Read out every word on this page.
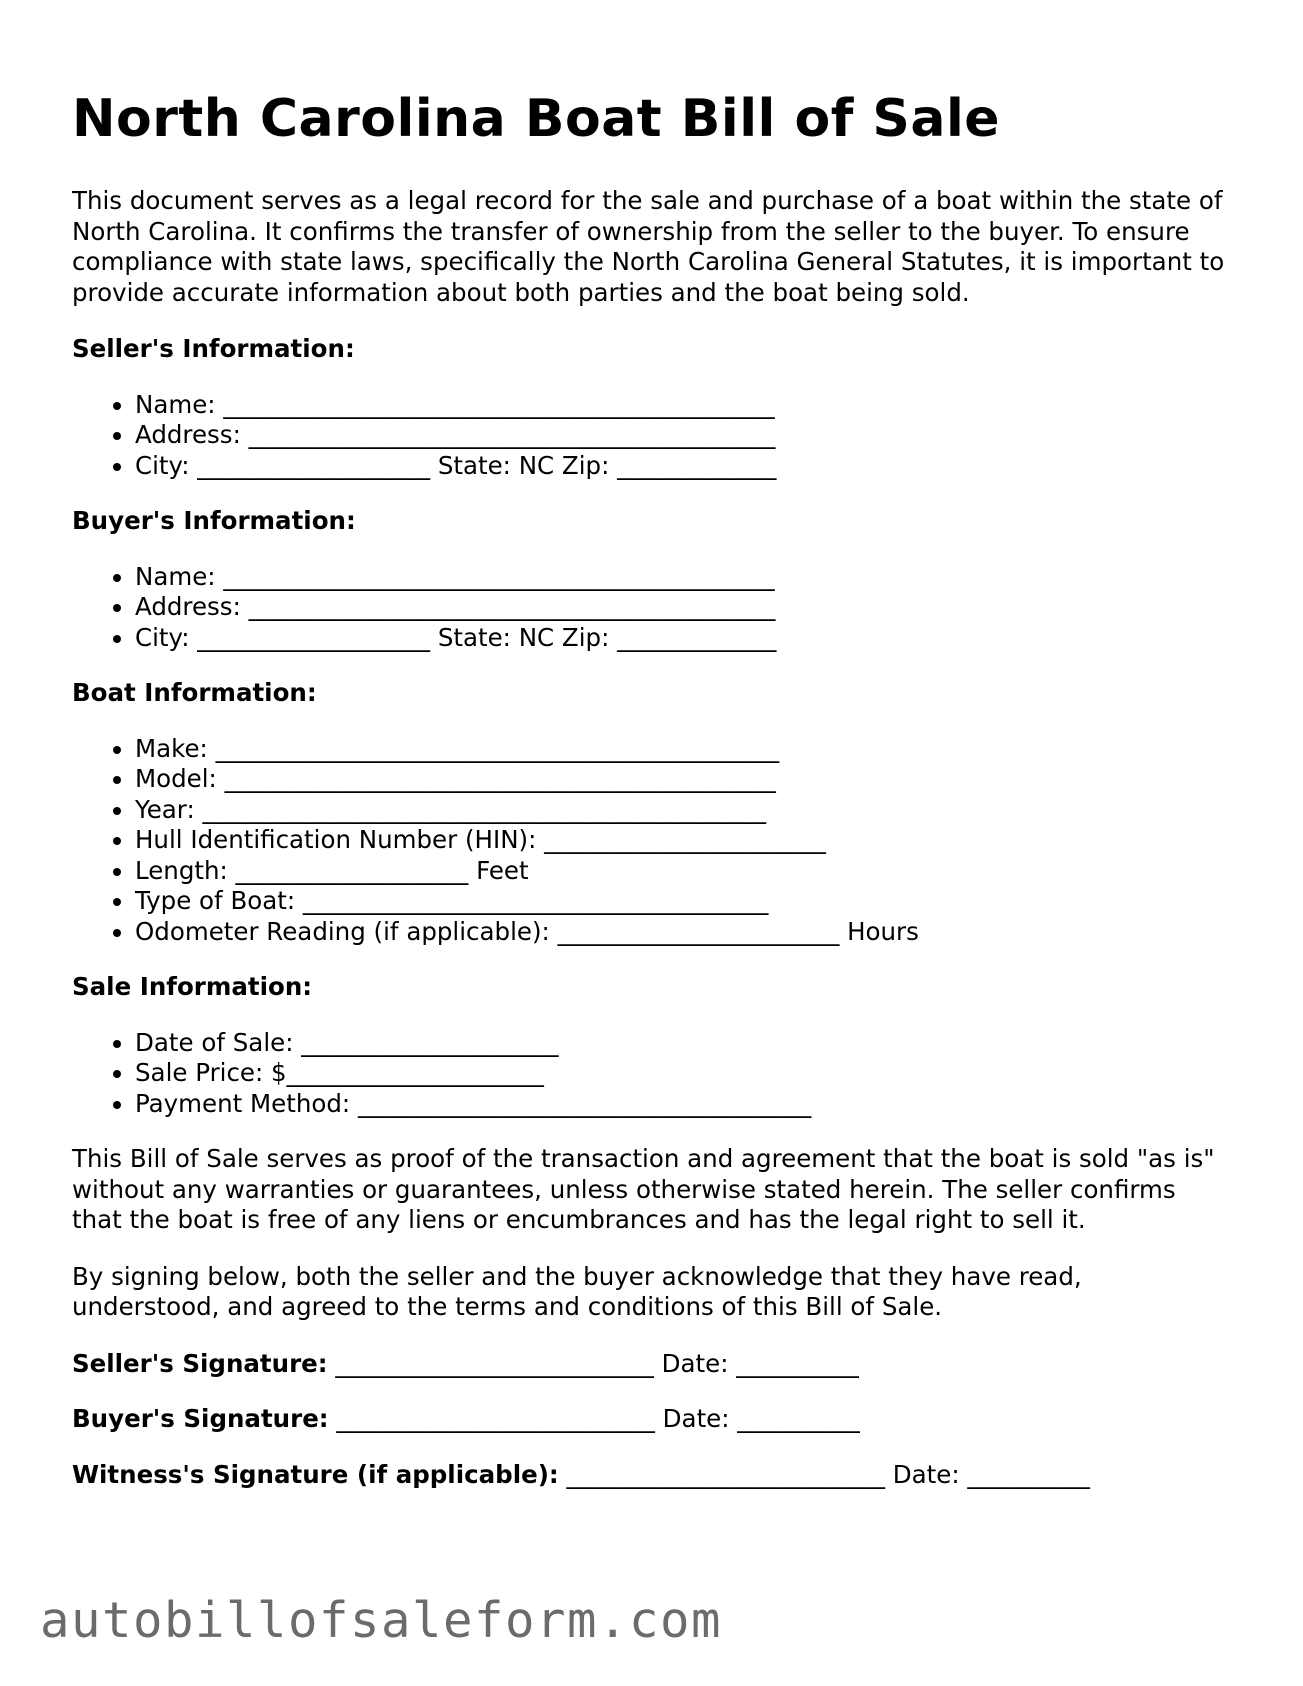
North Carolina Boat Bill of Sale

This document serves as a legal record for the sale and purchase of a boat within the state of North Carolina. It confirms the transfer of ownership from the seller to the buyer. To ensure compliance with state laws, specifically the North Carolina General Statutes, it is important to provide accurate information about both parties and the boat being sold.

Seller's Information:
• Name: _____________________________________________
• Address: ___________________________________________
• City: ___________________ State: NC Zip: _____________
Buyer's Information:
• Name: _____________________________________________
• Address: ___________________________________________
• City: ___________________ State: NC Zip: _____________
Boat Information:
• Make: ______________________________________________
• Model: _____________________________________________
• Year: ______________________________________________
• Hull Identification Number (HIN): _______________________
• Length: ___________________ Feet
• Type of Boat: ______________________________________
• Odometer Reading (if applicable): _______________________ Hours
Sale Information:
• Date of Sale: _____________________
• Sale Price: $_____________________
• Payment Method: _____________________________________

This Bill of Sale serves as proof of the transaction and agreement that the boat is sold "as is" without any warranties or guarantees, unless otherwise stated herein. The seller confirms that the boat is free of any liens or encumbrances and has the legal right to sell it.

By signing below, both the seller and the buyer acknowledge that they have read, understood, and agreed to the terms and conditions of this Bill of Sale.

Seller's Signature: __________________________ Date: __________
Buyer's Signature: __________________________ Date: __________
Witness's Signature (if applicable): __________________________ Date: __________
autobillofsaleform.com
